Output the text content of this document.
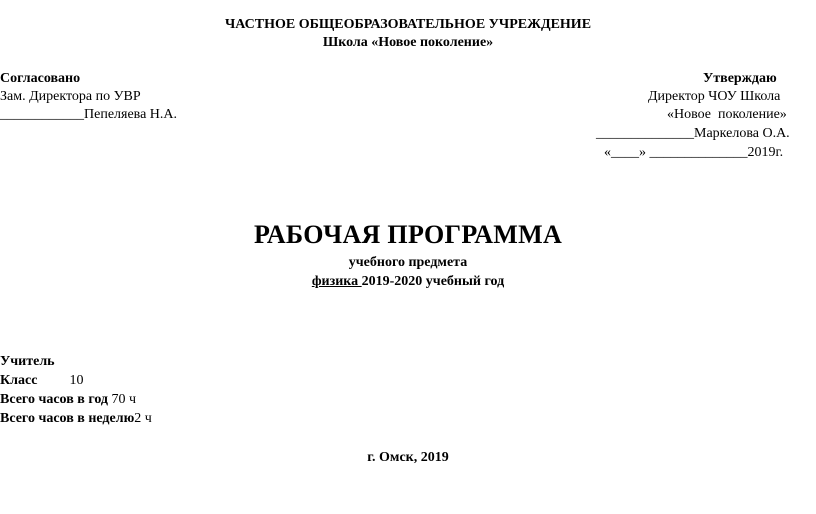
ЧАСТНОЕ ОБЩЕОБРАЗОВАТЕЛЬНОЕ УЧРЕЖДЕНИЕ
Школа «Новое поколение»
Согласовано
Зам. Директора по УВР
____________Пепеляева Н.А.
Утверждаю
Директор ЧОУ Школа
«Новое  поколение»
______________Маркелова О.А.
«____» ______________2019г.
РАБОЧАЯ ПРОГРАММА
учебного предмета
физика 2019-2020 учебный год
Учитель
Класс 10
Всего часов в год 70 ч
Всего часов в неделю2 ч
г. Омск, 2019
